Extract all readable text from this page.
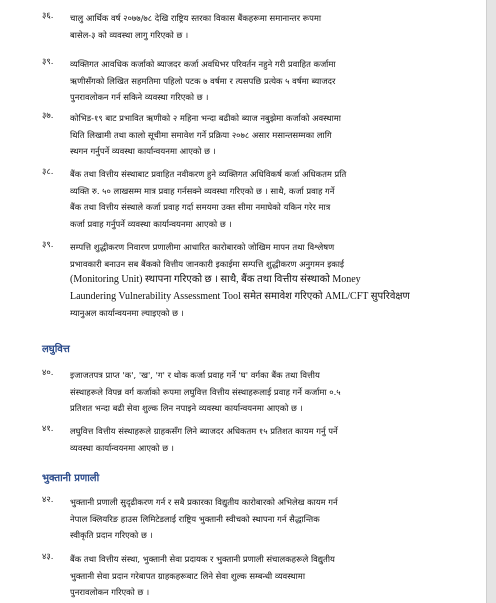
३६.	चालु आर्थिक वर्ष २०७७/७८ देखि राष्ट्रिय स्तरका विकास बैंकहरूमा समानान्तर रूपमा
बासेल-३ को व्यवस्था लागु गरिएको छ ।
३९.	व्यक्तिगत आवधिक कर्जाको ब्याजदर कर्जा अवधिभर परिवर्तन नहुने गरी प्रवाहित कर्जामा
ऋणीसँगको लिखित सहमतिमा पहिलो पटक ७ वर्षमा र त्यसपछि प्रत्येक ५ वर्षमा ब्याजदर
पुनरावलोकन गर्न सकिने व्यवस्था गरिएको छ ।
३७.	कोभिड-१९ बाट प्रभावित ऋणीको २ महिना भन्दा बढीको ब्याज नबुझेमा कर्जाको अवस्थामा
थिति लिखामी तथा कालो सूचीमा समावेश गर्ने प्रक्रिया २०७८ असार मसान्तसम्मका लागि
स्थगन गर्नुपर्ने व्यवस्था कार्यान्वयनमा आएको छ ।
३८.	बैंक तथा वित्तीय संस्थाबाट प्रवाहित नवीकरण हुने व्यक्तिगत अधिविकर्ष कर्जा अधिकतम प्रति
व्यक्ति रु. ५० लाखसम्म मात्र प्रवाह गर्नसक्ने व्यवस्था गरिएको छ । साथै, कर्जा प्रवाह गर्ने
बैंक तथा वित्तीय संस्थाले कर्जा प्रवाह गर्दा समयमा उक्त सीमा नमाघेको यकिन गरेर मात्र
कर्जा प्रवाह गर्नुपर्ने व्यवस्था कार्यान्वयनमा आएको छ ।
३९.	सम्पत्ति शुद्धीकरण निवारण प्रणालीमा आधारित कारोबारको जोखिम मापन तथा विश्लेषण
प्रभावकारी बनाउन सब बैंकको वित्तीय जानकारी इकाईमा सम्पत्ति शुद्धीकरण अनुगमन इकाई
(Monitoring Unit) स्थापना गरिएको छ । साथै, बैंक तथा वित्तीय संस्थाको Money
Laundering Vulnerability Assessment Tool समेत समावेश गरिएको AML/CFT सुपरिवेक्षण
म्यानुअल कार्यान्वयनमा ल्याइएको छ ।
लघुवित्त
४०.	इजाजतपत्र प्राप्त 'क', 'ख', 'ग' र थोक कर्जा प्रवाह गर्ने 'घ' वर्गका बैंक तथा वित्तीय
संस्थाहरूले विपन्न वर्ग कर्जाको रूपमा लघुवित्त वित्तीय संस्थाहरूलाई प्रवाह गर्ने कर्जामा ०.५
प्रतिशत भन्दा बढी सेवा शुल्क लिन नपाइने व्यवस्था कार्यान्वयनमा आएको छ ।
४१.	लघुवित्त वित्तीय संस्थाहरूले ग्राहकसँग लिने ब्याजदर अधिकतम १५ प्रतिशत कायम गर्नु पर्ने
व्यवस्था कार्यान्वयनमा आएको छ ।
भुक्तानी प्रणाली
४२.	भुक्तानी प्रणाली सुदृढीकरण गर्न र सबै प्रकारका विद्युतीय कारोबारको अभिलेख कायम गर्न
नेपाल क्लियरिङ हाउस लिमिटेडलाई राष्ट्रिय भुक्तानी स्वीचको स्थापना गर्न सैद्धान्तिक
स्वीकृति प्रदान गरिएको छ ।
४३.	बैंक तथा वित्तीय संस्था, भुक्तानी सेवा प्रदायक र भुक्तानी प्रणाली संचालकहरूले विद्युतीय
भुक्तानी सेवा प्रदान गरेबापत ग्राहकहरूबाट लिने सेवा शुल्क सम्बन्धी व्यवस्थामा
पुनरावलोकन गरिएको छ ।
